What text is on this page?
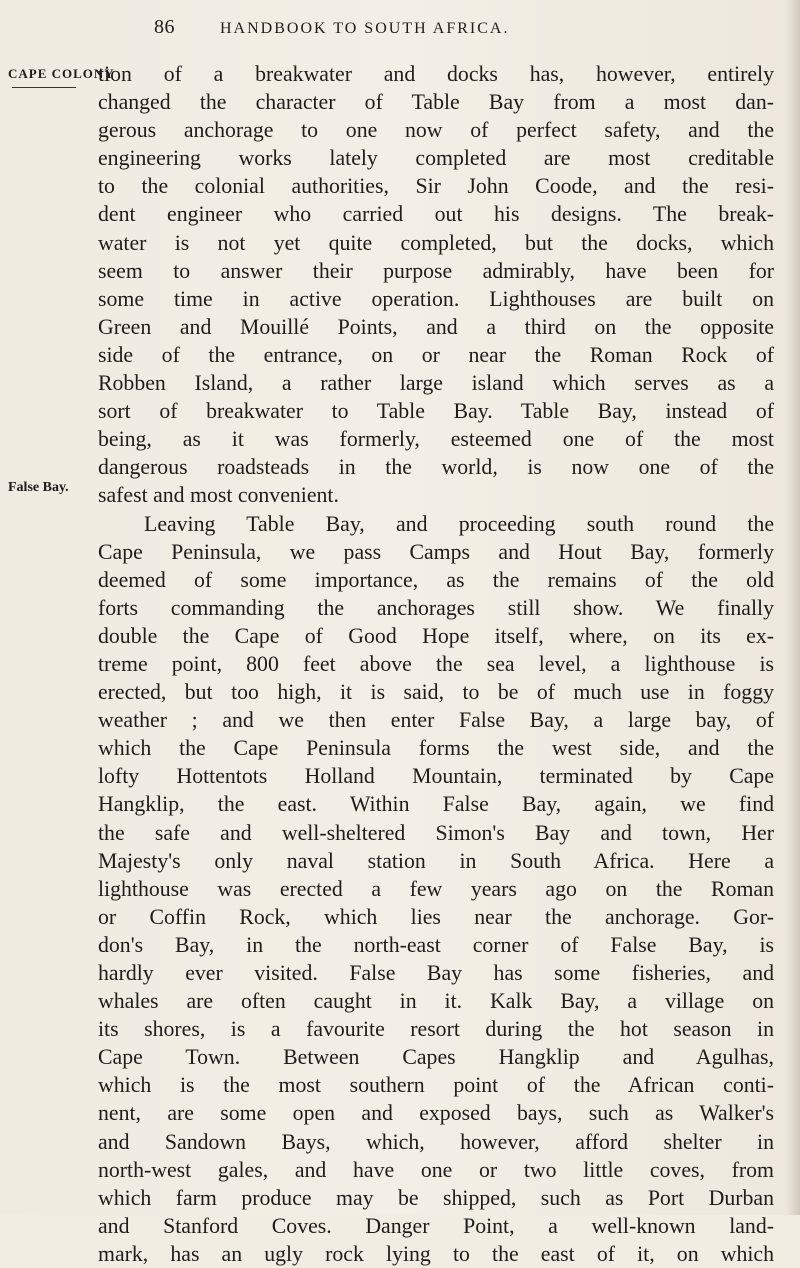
86	HANDBOOK TO SOUTH AFRICA.
CAPE COLONY
False Bay.
tion of a breakwater and docks has, however, entirely
changed the character of Table Bay from a most dan-
gerous anchorage to one now of perfect safety, and the
engineering works lately completed are most creditable
to the colonial authorities, Sir John Coode, and the resi-
dent engineer who carried out his designs. The break-
water is not yet quite completed, but the docks, which
seem to answer their purpose admirably, have been for
some time in active operation. Lighthouses are built on
Green and Mouillé Points, and a third on the opposite
side of the entrance, on or near the Roman Rock of
Robben Island, a rather large island which serves as a
sort of breakwater to Table Bay. Table Bay, instead of
being, as it was formerly, esteemed one of the most
dangerous roadsteads in the world, is now one of the
safest and most convenient.
Leaving Table Bay, and proceeding south round the
Cape Peninsula, we pass Camps and Hout Bay, formerly
deemed of some importance, as the remains of the old
forts commanding the anchorages still show. We finally
double the Cape of Good Hope itself, where, on its ex-
treme point, 800 feet above the sea level, a lighthouse is
erected, but too high, it is said, to be of much use in foggy
weather ; and we then enter False Bay, a large bay, of
which the Cape Peninsula forms the west side, and the
lofty Hottentots Holland Mountain, terminated by Cape
Hangklip, the east. Within False Bay, again, we find
the safe and well-sheltered Simon's Bay and town, Her
Majesty's only naval station in South Africa. Here a
lighthouse was erected a few years ago on the Roman
or Coffin Rock, which lies near the anchorage. Gor-
don's Bay, in the north-east corner of False Bay, is
hardly ever visited. False Bay has some fisheries, and
whales are often caught in it. Kalk Bay, a village on
its shores, is a favourite resort during the hot season in
Cape Town. Between Capes Hangklip and Agulhas,
which is the most southern point of the African conti-
nent, are some open and exposed bays, such as Walker's
and Sandown Bays, which, however, afford shelter in
north-west gales, and have one or two little coves, from
which farm produce may be shipped, such as Port Durban
and Stanford Coves. Danger Point, a well-known land-
mark, has an ugly rock lying to the east of it, on which
